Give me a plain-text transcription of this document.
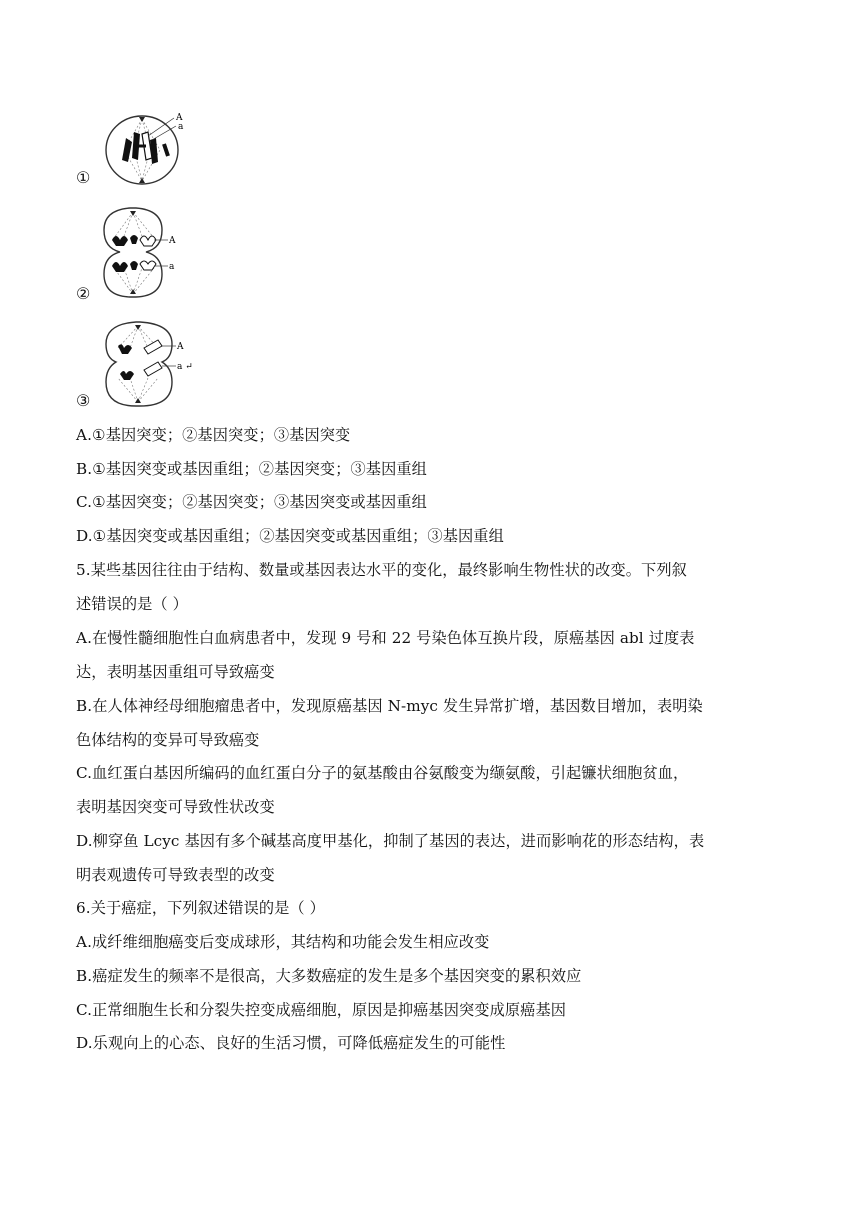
①
A
a
②
A
a
③
A
a ↵
A.①基因突变；②基因突变；③基因突变
B.①基因突变或基因重组；②基因突变；③基因重组
C.①基因突变；②基因突变；③基因突变或基因重组
D.①基因突变或基因重组；②基因突变或基因重组；③基因重组
5.某些基因往往由于结构、数量或基因表达水平的变化，最终影响生物性状的改变。下列叙
述错误的是（ ）
A.在慢性髓细胞性白血病患者中，发现 9 号和 22 号染色体互换片段，原癌基因 abl 过度表
达，表明基因重组可导致癌变
B.在人体神经母细胞瘤患者中，发现原癌基因 N-myc 发生异常扩增，基因数目增加，表明染
色体结构的变异可导致癌变
C.血红蛋白基因所编码的血红蛋白分子的氨基酸由谷氨酸变为缬氨酸，引起镰状细胞贫血，
表明基因突变可导致性状改变
D.柳穿鱼 Lcyc 基因有多个碱基高度甲基化，抑制了基因的表达，进而影响花的形态结构，表
明表观遗传可导致表型的改变
6.关于癌症，下列叙述错误的是（ ）
A.成纤维细胞癌变后变成球形，其结构和功能会发生相应改变
B.癌症发生的频率不是很高，大多数癌症的发生是多个基因突变的累积效应
C.正常细胞生长和分裂失控变成癌细胞，原因是抑癌基因突变成原癌基因
D.乐观向上的心态、良好的生活习惯，可降低癌症发生的可能性
